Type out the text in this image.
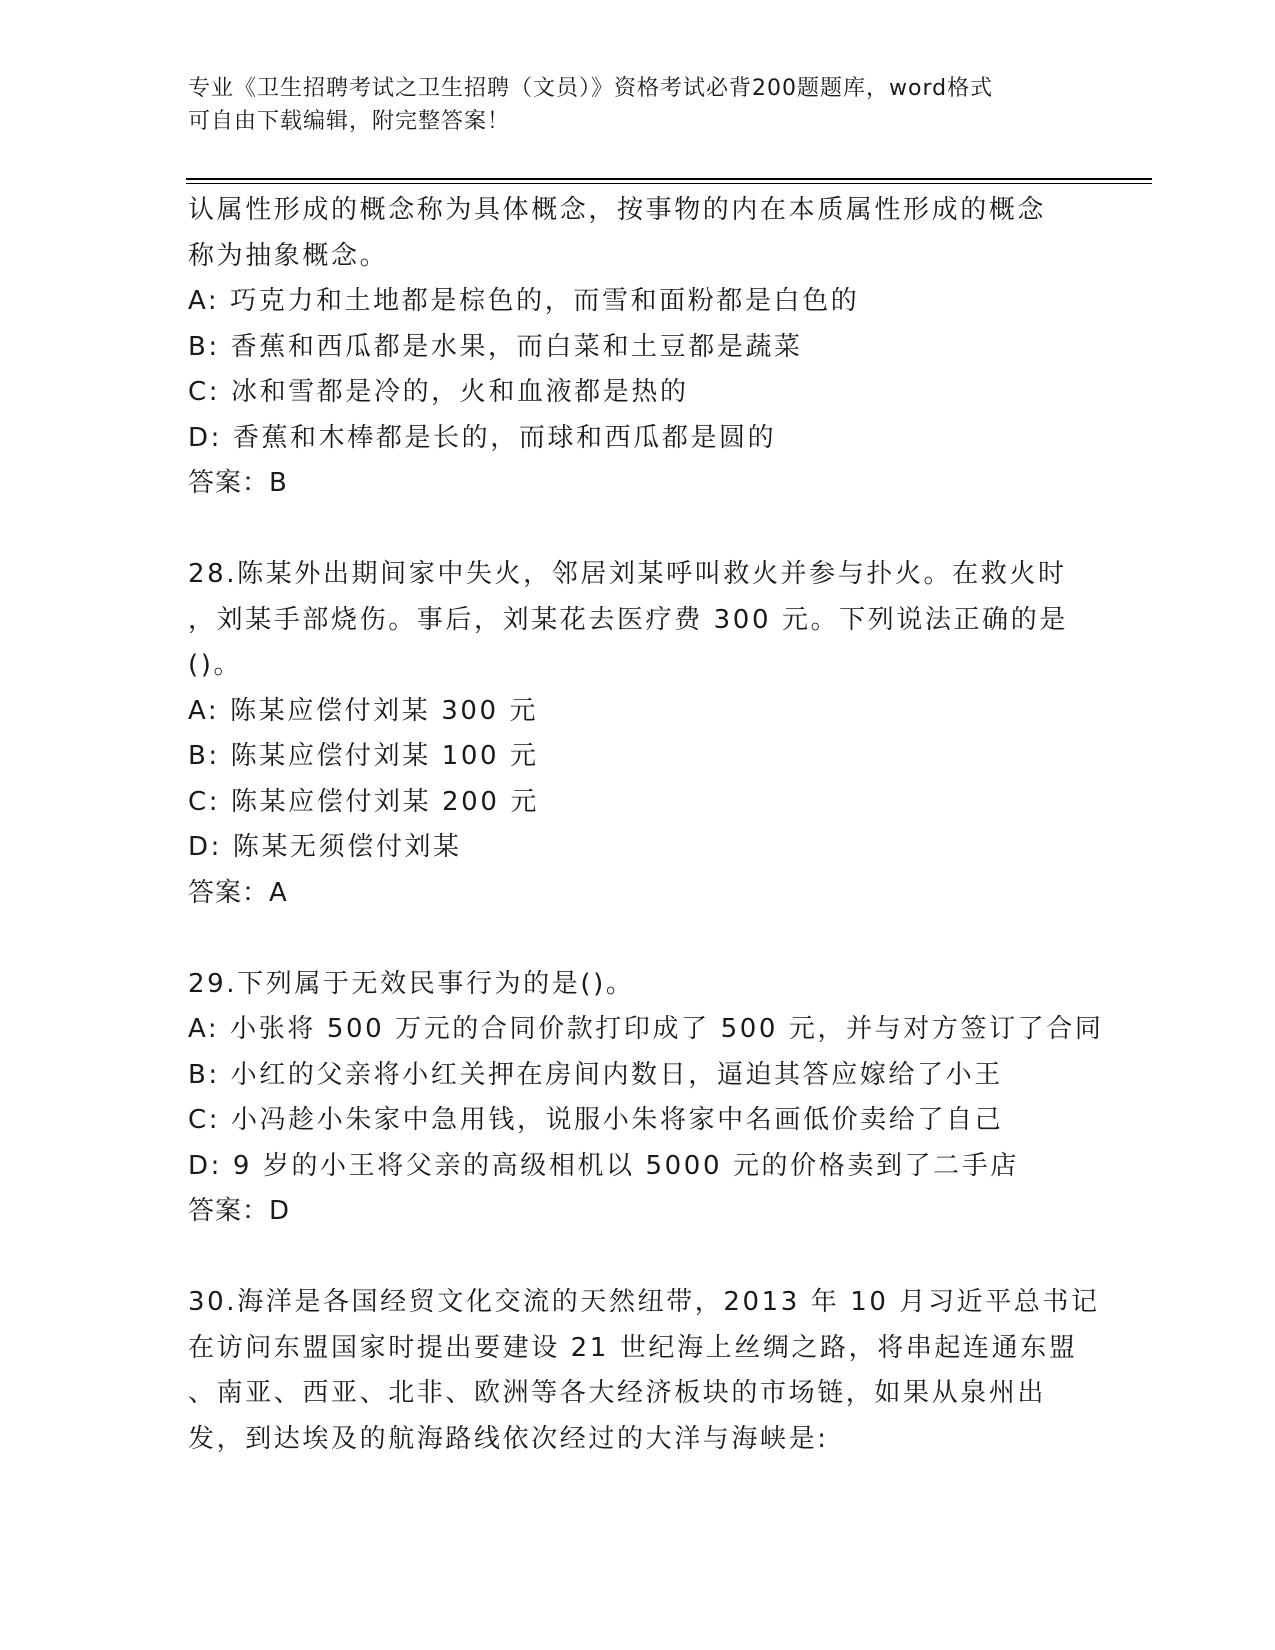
专业《卫生招聘考试之卫生招聘（文员）》资格考试必背200题题库，word格式
可自由下载编辑，附完整答案！
认属性形成的概念称为具体概念，按事物的内在本质属性形成的概念
称为抽象概念。
A: 巧克力和土地都是棕色的，而雪和面粉都是白色的
B: 香蕉和西瓜都是水果，而白菜和土豆都是蔬菜
C: 冰和雪都是冷的，火和血液都是热的
D: 香蕉和木棒都是长的，而球和西瓜都是圆的
答案：B
28.陈某外出期间家中失火，邻居刘某呼叫救火并参与扑火。在救火时
，刘某手部烧伤。事后，刘某花去医疗费 300 元。下列说法正确的是
()。
A: 陈某应偿付刘某 300 元
B: 陈某应偿付刘某 100 元
C: 陈某应偿付刘某 200 元
D: 陈某无须偿付刘某
答案：A
29.下列属于无效民事行为的是()。
A: 小张将 500 万元的合同价款打印成了 500 元，并与对方签订了合同
B: 小红的父亲将小红关押在房间内数日，逼迫其答应嫁给了小王
C: 小冯趁小朱家中急用钱，说服小朱将家中名画低价卖给了自己
D: 9 岁的小王将父亲的高级相机以 5000 元的价格卖到了二手店
答案：D
30.海洋是各国经贸文化交流的天然纽带，2013 年 10 月习近平总书记
在访问东盟国家时提出要建设 21 世纪海上丝绸之路，将串起连通东盟
、南亚、西亚、北非、欧洲等各大经济板块的市场链，如果从泉州出
发，到达埃及的航海路线依次经过的大洋与海峡是:
